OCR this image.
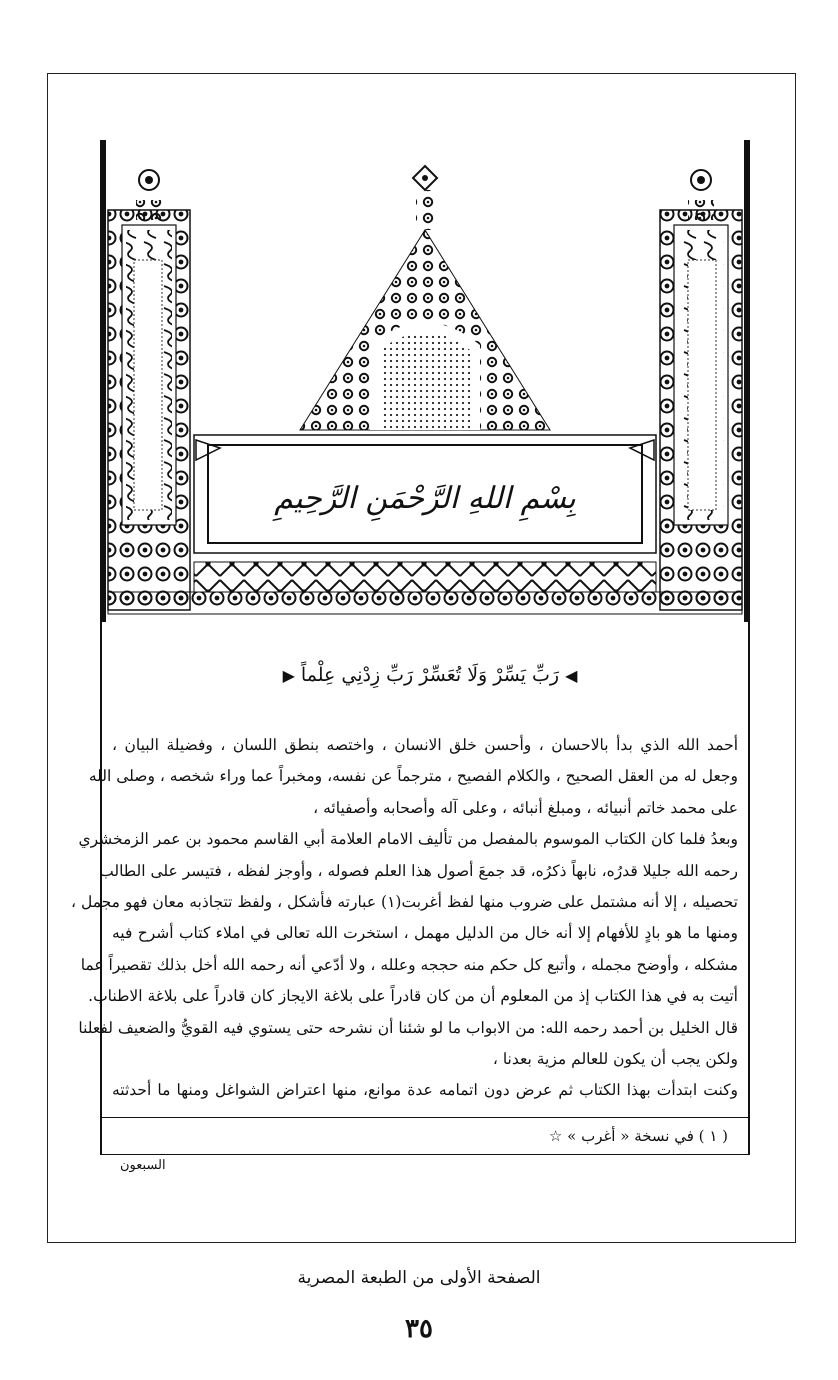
بِسْمِ اللهِ الرَّحْمَنِ الرَّحِيمِ
◀ رَبِّ يَسِّرْ وَلَا تُعَسِّرْ رَبِّ زِدْنِي عِلْماً ▶

أحمد الله الذي بدأ بالاحسان ، وأحسن خلق الانسان ، واختصه بنطق اللسان ، وفضيلة البيان ،

وجعل له من العقل الصحيح ، والكلام الفصيح ، مترجماً عن نفسه، ومخبراً عما وراء شخصه ، وصلى الله

على محمد خاتم أنبيائه ، ومبلغ أنبائه ، وعلى آله وأصحابه وأصفيائه ،

وبعدُ فلما كان الكتاب الموسوم بالمفصل من تأليف الامام العلامة أبي القاسم محمود بن عمر الزمخشري

رحمه الله جليلا قدرُه، نابهاً ذكرُه، قد جمعَ أصول هذا العلم فصوله ، وأوجز لفظه ، فتيسر على الطالب

تحصيله ، إلا أنه مشتمل على ضروب منها لفظ أغربت(١) عبارته فأشكل ، ولفظ تتجاذبه معان فهو مجمل ،

ومنها ما هو بادٍ للأفهام إلا أنه خال من الدليل مهمل ، استخرت الله تعالى في املاء كتاب أشرح فيه

مشكله ، وأوضح مجمله ، وأتبع كل حكم منه حججه وعلله ، ولا أدّعي أنه رحمه الله أخل بذلك تقصيراً عما

أتيت به في هذا الكتاب إذ من المعلوم أن من كان قادراً على بلاغة الايجاز كان قادراً على بلاغة الاطناب.

قال الخليل بن أحمد رحمه الله: من الابواب ما لو شئنا أن نشرحه حتى يستوي فيه القويُّ والضعيف لفعلنا

ولكن يجب أن يكون للعالم مزية بعدنا ،

وكنت ابتدأت بهذا الكتاب ثم عرض دون اتمامه عدة موانع، منها اعتراض الشواغل ومنها ما أحدثته

( ١ ) في نسخة « أغرب » ☆
السبعون
الصفحة الأولى من الطبعة المصرية
٣٥
